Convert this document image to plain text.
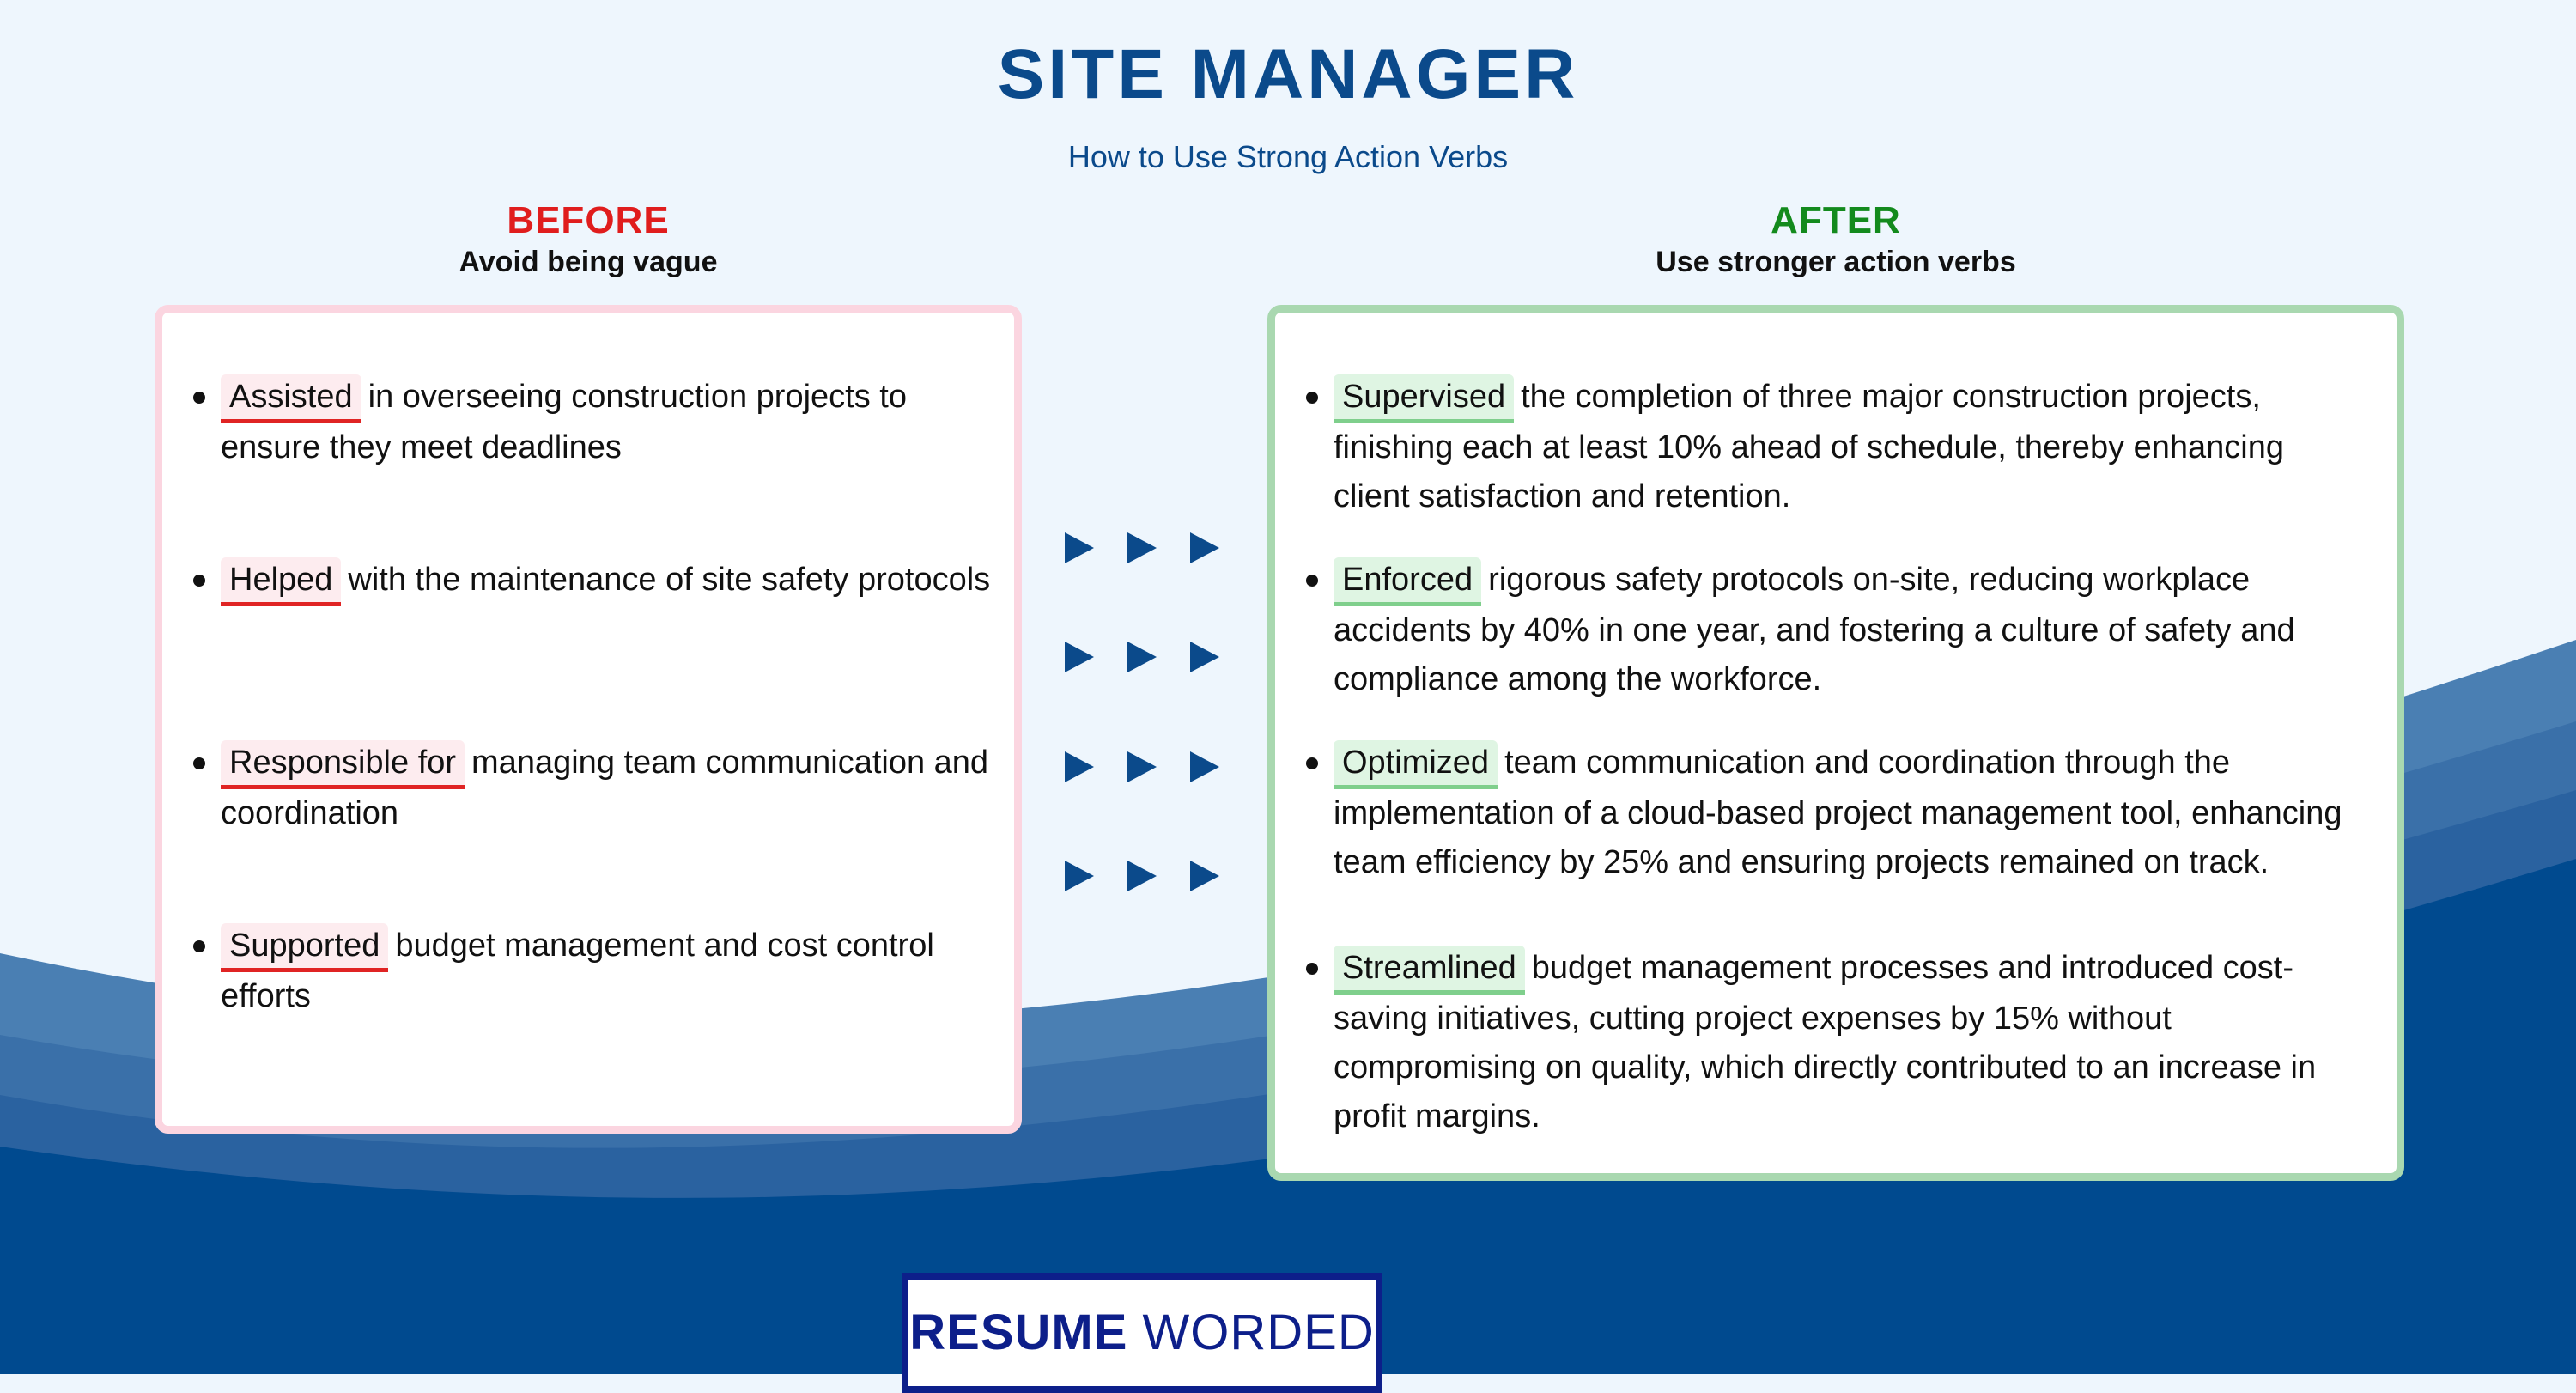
SITE MANAGER
How to Use Strong Action Verbs
BEFORE
Avoid being vague
AFTER
Use stronger action verbs
Assisted in overseeing construction projects to ensure they meet deadlines
Helped with the maintenance of site safety protocols
Responsible for managing team communication and coordination
Supported budget management and cost control efforts
Supervised the completion of three major construction projects, finishing each at least 10% ahead of schedule, thereby enhancing client satisfaction and retention.
Enforced rigorous safety protocols on-site, reducing workplace accidents by 40% in one year, and fostering a culture of safety and compliance among the workforce.
Optimized team communication and coordination through the implementation of a cloud-based project management tool, enhancing team efficiency by 25% and ensuring projects remained on track.
Streamlined budget management processes and introduced cost-saving initiatives, cutting project expenses by 15% without compromising on quality, which directly contributed to an increase in profit margins.
RESUME WORDED
